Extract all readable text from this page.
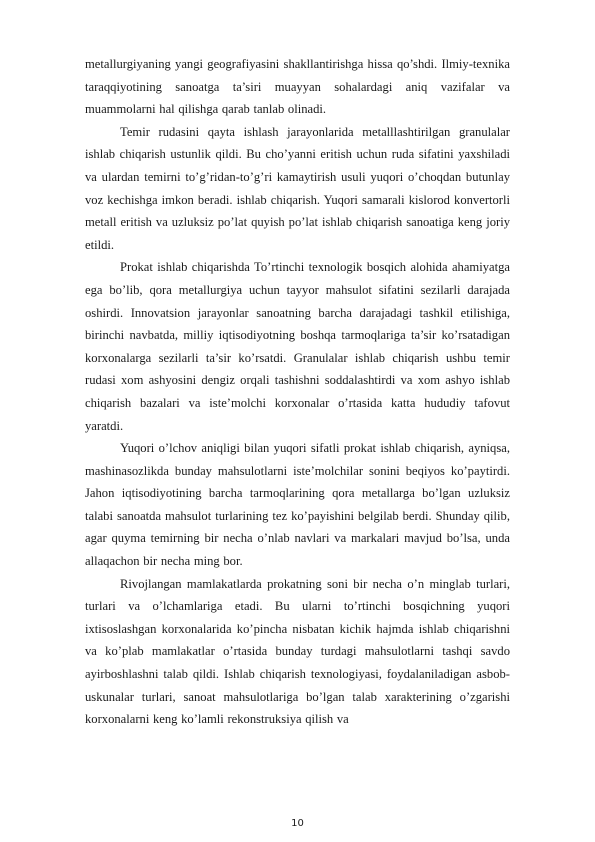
metallurgiyaning yangi geografiyasini shakllantirishga hissa qo’shdi. Ilmiy-texnika taraqqiyotining sanoatga ta’siri muayyan sohalardagi aniq vazifalar va muammolarni hal qilishga qarab tanlab olinadi.

Temir rudasini qayta ishlash jarayonlarida metalllashtirilgan granulalar ishlab chiqarish ustunlik qildi. Bu cho’yanni eritish uchun ruda sifatini yaxshiladi va ulardan temirni to’g’ridan-to’g’ri kamaytirish usuli yuqori o’choqdan butunlay voz kechishga imkon beradi. ishlab chiqarish. Yuqori samarali kislorod konvertorli metall eritish va uzluksiz po’lat quyish po’lat ishlab chiqarish sanoatiga keng joriy etildi.

Prokat ishlab chiqarishda To’rtinchi texnologik bosqich alohida ahamiyatga ega bo’lib, qora metallurgiya uchun tayyor mahsulot sifatini sezilarli darajada oshirdi. Innovatsion jarayonlar sanoatning barcha darajadagi tashkil etilishiga, birinchi navbatda, milliy iqtisodiyotning boshqa tarmoqlariga ta’sir ko’rsatadigan korxonalarga sezilarli ta’sir ko’rsatdi. Granulalar ishlab chiqarish ushbu temir rudasi xom ashyosini dengiz orqali tashishni soddalashtirdi va xom ashyo ishlab chiqarish bazalari va iste’molchi korxonalar o’rtasida katta hududiy tafovut yaratdi.

Yuqori o’lchov aniqligi bilan yuqori sifatli prokat ishlab chiqarish, ayniqsa, mashinasozlikda bunday mahsulotlarni iste’molchilar sonini beqiyos ko’paytirdi. Jahon iqtisodiyotining barcha tarmoqlarining qora metallarga bo’lgan uzluksiz talabi sanoatda mahsulot turlarining tez ko’payishini belgilab berdi. Shunday qilib, agar quyma temirning bir necha o’nlab navlari va markalari mavjud bo’lsa, unda allaqachon bir necha ming bor.

Rivojlangan mamlakatlarda prokatning soni bir necha o’n minglab turlari, turlari va o’lchamlariga etadi. Bu ularni to’rtinchi bosqichning yuqori ixtisoslashgan korxonalarida ko’pincha nisbatan kichik hajmda ishlab chiqarishni va ko’plab mamlakatlar o’rtasida bunday turdagi mahsulotlarni tashqi savdo ayirboshlashni talab qildi. Ishlab chiqarish texnologiyasi, foydalaniladigan asbob-uskunalar turlari, sanoat mahsulotlariga bo’lgan talab xarakterining o’zgarishi korxonalarni keng ko’lamli rekonstruksiya qilish va

10
